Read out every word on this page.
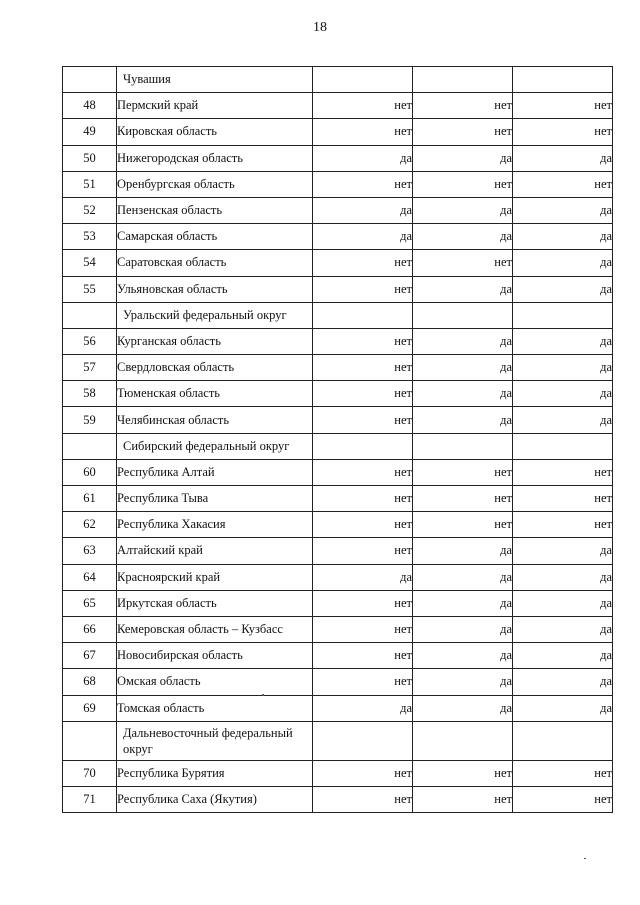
18
	Чувашия			
48	Пермский край	нет	нет	нет
49	Кировская область	нет	нет	нет
50	Нижегородская область	да	да	да
51	Оренбургская область	нет	нет	нет
52	Пензенская область	да	да	да
53	Самарская область	да	да	да
54	Саратовская область	нет	нет	да
55	Ульяновская область	нет	да	да
	Уральский федеральный округ			
56	Курганская область	нет	да	да
57	Свердловская область	нет	да	да
58	Тюменская область	нет	да	да
59	Челябинская область	нет	да	да
	Сибирский федеральный округ			
60	Республика Алтай	нет	нет	нет
61	Республика Тыва	нет	нет	нет
62	Республика Хакасия	нет	нет	нет
63	Алтайский край	нет	да	да
64	Красноярский край	да	да	да
65	Иркутская область	нет	да	да
66	Кемеровская область – Кузбасс	нет	да	да
67	Новосибирская область	нет	да	да
68	Омская область	нет	да	да
69	Томская область	да	да	да
	Дальневосточный федеральный округ			
70	Республика Бурятия	нет	нет	нет
71	Республика Саха (Якутия)	нет	нет	нет
